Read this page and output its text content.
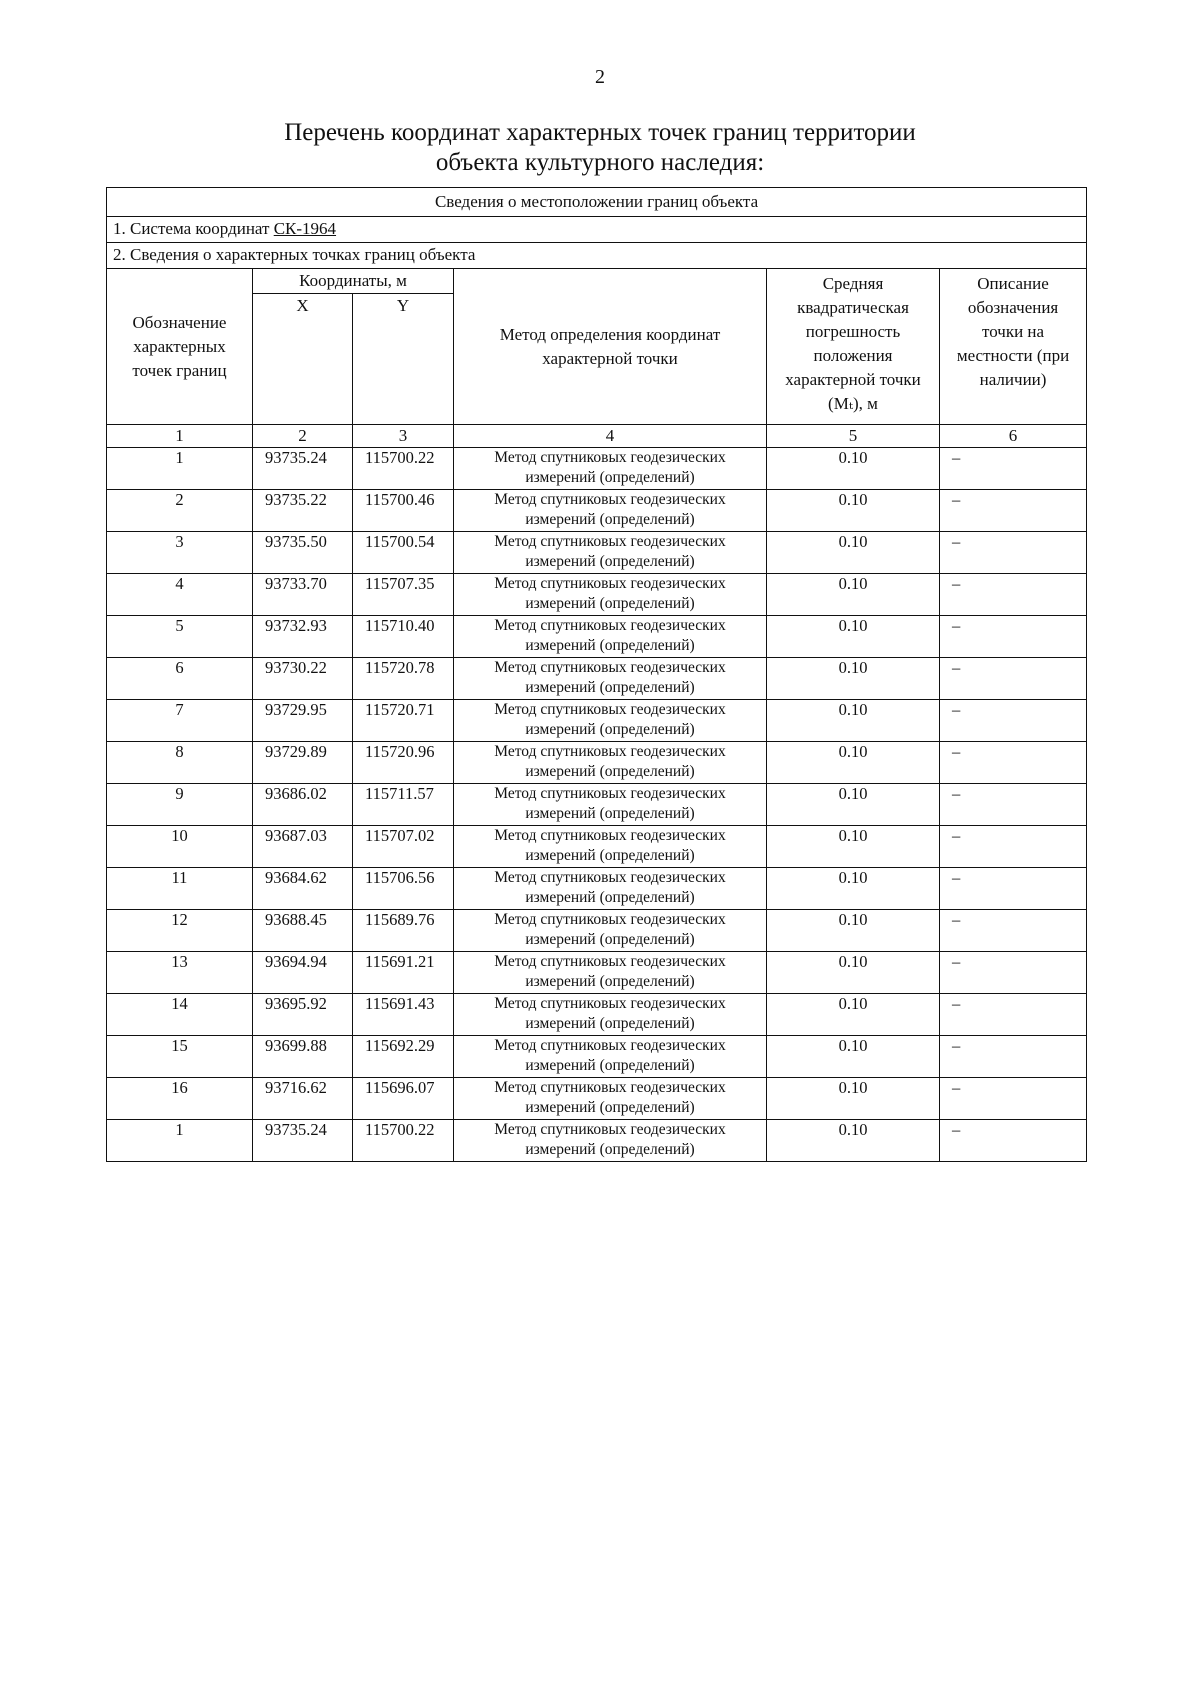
2
Перечень координат характерных точек границ территории
объекта культурного наследия:
Сведения о местоположении границ объекта					
1. Система координат СК-1964					
2. Сведения о характерных точках границ объекта					
Обозначение характерных точек границ	Координаты, м		Метод определения координат характерной точки	Средняя квадратическая погрешность положения характерной точки (Mₜ), м	Описание обозначения точки на местности (при наличии)
	X	Y			
1	2	3	4	5	6
1	93735.24	115700.22	Метод спутниковых геодезических измерений (определений)	0.10	–
2	93735.22	115700.46	Метод спутниковых геодезических измерений (определений)	0.10	–
3	93735.50	115700.54	Метод спутниковых геодезических измерений (определений)	0.10	–
4	93733.70	115707.35	Метод спутниковых геодезических измерений (определений)	0.10	–
5	93732.93	115710.40	Метод спутниковых геодезических измерений (определений)	0.10	–
6	93730.22	115720.78	Метод спутниковых геодезических измерений (определений)	0.10	–
7	93729.95	115720.71	Метод спутниковых геодезических измерений (определений)	0.10	–
8	93729.89	115720.96	Метод спутниковых геодезических измерений (определений)	0.10	–
9	93686.02	115711.57	Метод спутниковых геодезических измерений (определений)	0.10	–
10	93687.03	115707.02	Метод спутниковых геодезических измерений (определений)	0.10	–
11	93684.62	115706.56	Метод спутниковых геодезических измерений (определений)	0.10	–
12	93688.45	115689.76	Метод спутниковых геодезических измерений (определений)	0.10	–
13	93694.94	115691.21	Метод спутниковых геодезических измерений (определений)	0.10	–
14	93695.92	115691.43	Метод спутниковых геодезических измерений (определений)	0.10	–
15	93699.88	115692.29	Метод спутниковых геодезических измерений (определений)	0.10	–
16	93716.62	115696.07	Метод спутниковых геодезических измерений (определений)	0.10	–
1	93735.24	115700.22	Метод спутниковых геодезических измерений (определений)	0.10	–
